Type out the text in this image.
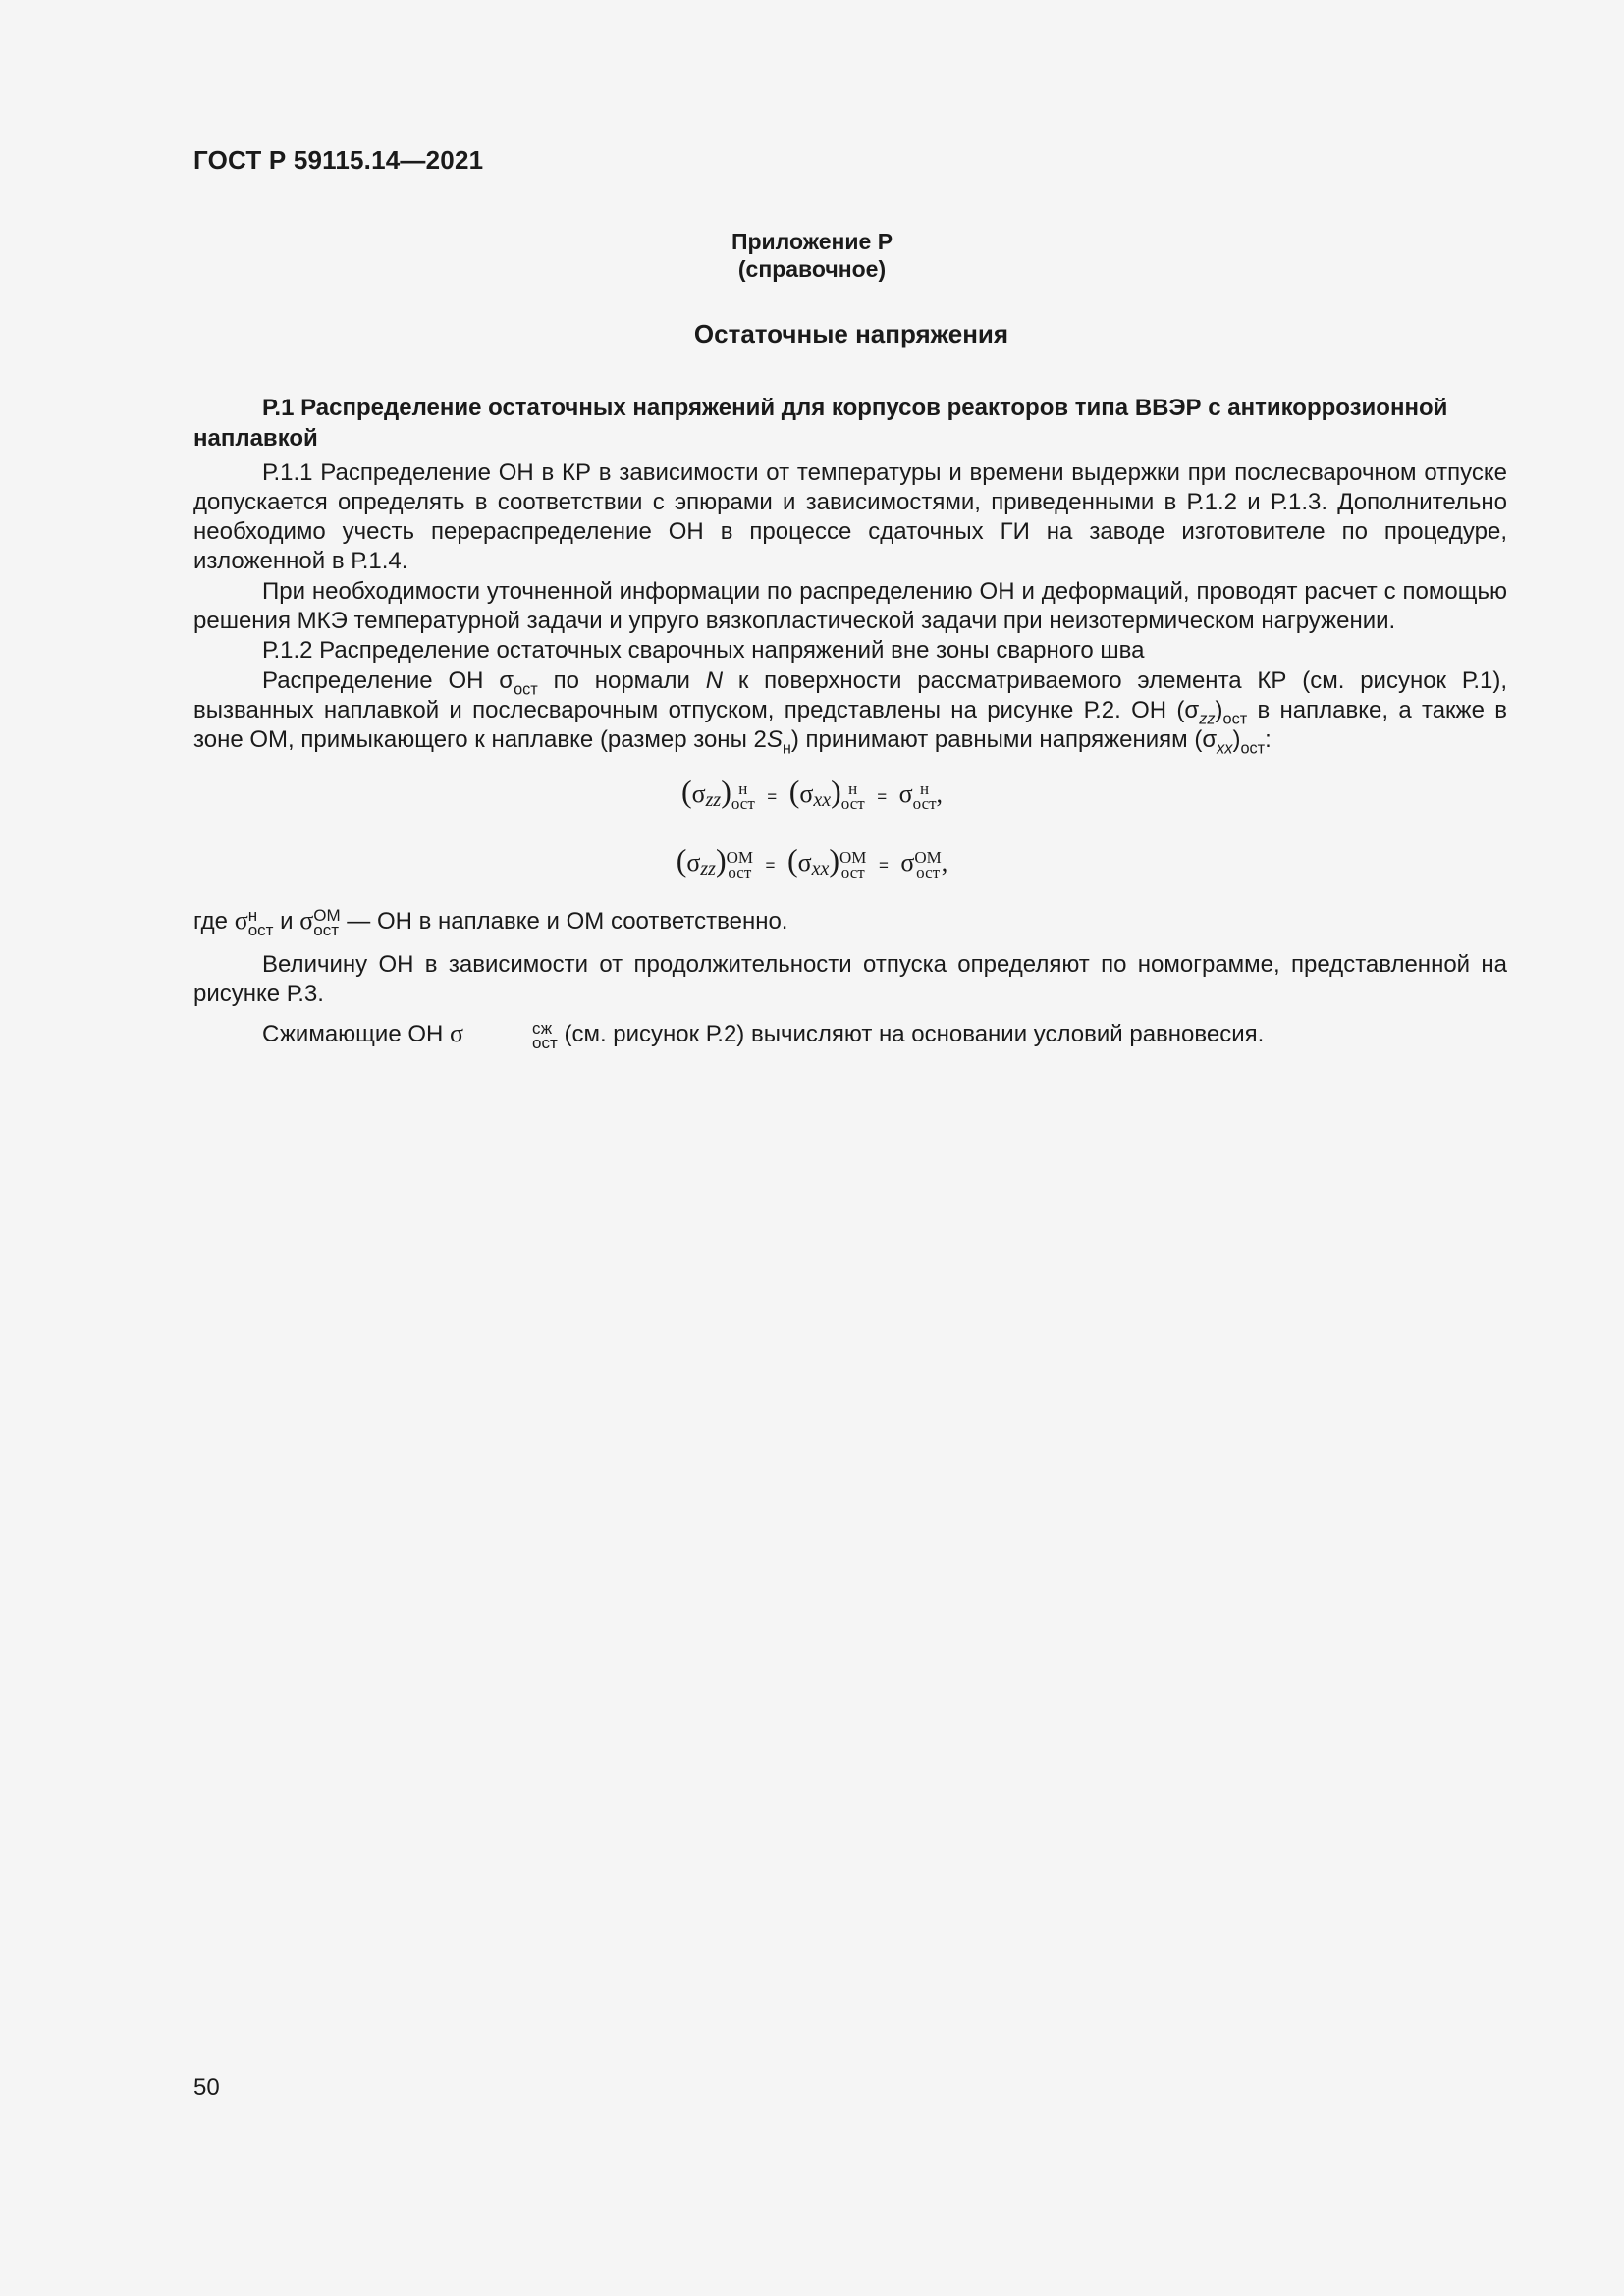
ГОСТ Р 59115.14—2021
Приложение Р
(справочное)
Остаточные напряжения
Р.1 Распределение остаточных напряжений для корпусов реакторов типа ВВЭР с антикоррозионной наплавкой
Р.1.1 Распределение ОН в КР в зависимости от температуры и времени выдержки при послесварочном отпуске допускается определять в соответствии с эпюрами и зависимостями, приведенными в Р.1.2 и Р.1.3. Дополнительно необходимо учесть перераспределение ОН в процессе сдаточных ГИ на заводе изготовителе по процедуре, изложенной в Р.1.4.
При необходимости уточненной информации по распределению ОН и деформаций, проводят расчет с помощью решения МКЭ температурной задачи и упруго вязкопластической задачи при неизотермическом нагружении.
Р.1.2 Распределение остаточных сварочных напряжений вне зоны сварного шва
Распределение ОН $\sigma_{ост}$ по нормали N к поверхности рассматриваемого элемента КР (см. рисунок Р.1), вызванных наплавкой и послесварочным отпуском, представлены на рисунке Р.2. ОН $(\sigma_{zz})_{ост}$ в наплавке, а также в зоне ОМ, примыкающего к наплавке (размер зоны $2S_н$) принимают равными напряжениям $(\sigma_{xx})_{ост}$:
(σzz) н
ост = (σxx) н
ост = σ н
ост ,
(σzz) ОМ
ост = (σxx) ОМ
ост = σ ОМ
ост ,
где σ н
ост и σ ОМ
ост — ОН в наплавке и ОМ соответственно.
Величину ОН в зависимости от продолжительности отпуска определяют по номограмме, представленной на рисунке Р.3.
Сжимающие ОН σ	сж
ост (см. рисунок Р.2) вычисляют на основании условий равновесия.
50
